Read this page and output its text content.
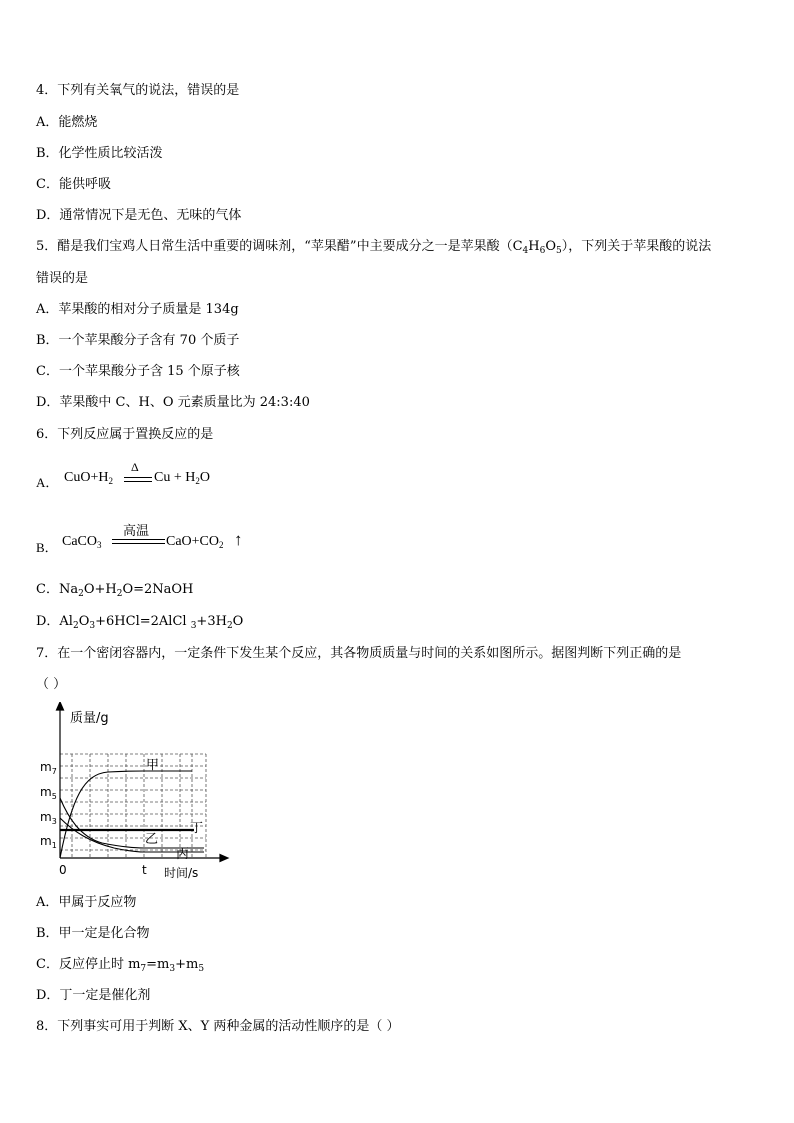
4．下列有关氧气的说法，错误的是
A．能燃烧
B．化学性质比较活泼
C．能供呼吸
D．通常情况下是无色、无味的气体
5．醋是我们宝鸡人日常生活中重要的调味剂，“苹果醋”中主要成分之一是苹果酸$(C_4H_6O_5)$，下列关于苹果酸的说法
错误的是
A．苹果酸的相对分子质量是 134g
B．一个苹果酸分子含有 70 个质子
C．一个苹果酸分子含 15 个原子核
D．苹果酸中 C、H、O 元素质量比为 24:3:40
6．下列反应属于置换反应的是
A． $CuO+H_2$
Δ
$Cu + H_2O$
B． CaCO$_3$
高温
$CaO+CO_2$ ↑
C．$Na_2O+H_2O=2NaOH$
D．$Al_2O_3+6HCl=2AlCl$ $_3+3H_2O$
7．在一个密闭容器内，一定条件下发生某个反应，其各物质质量与时间的关系如图所示。据图判断下列正确的是
（ ）
质量/g
时间/s
$m_7$
$m_5$
$m_3$
$m_1$
0	t
甲
乙
丙
丁
A．甲属于反应物
B．甲一定是化合物
C．反应停止时 $m_7=m_3+m_5$
D．丁一定是催化剂
8．下列事实可用于判断 X、Y 两种金属的活动性顺序的是（ ）
